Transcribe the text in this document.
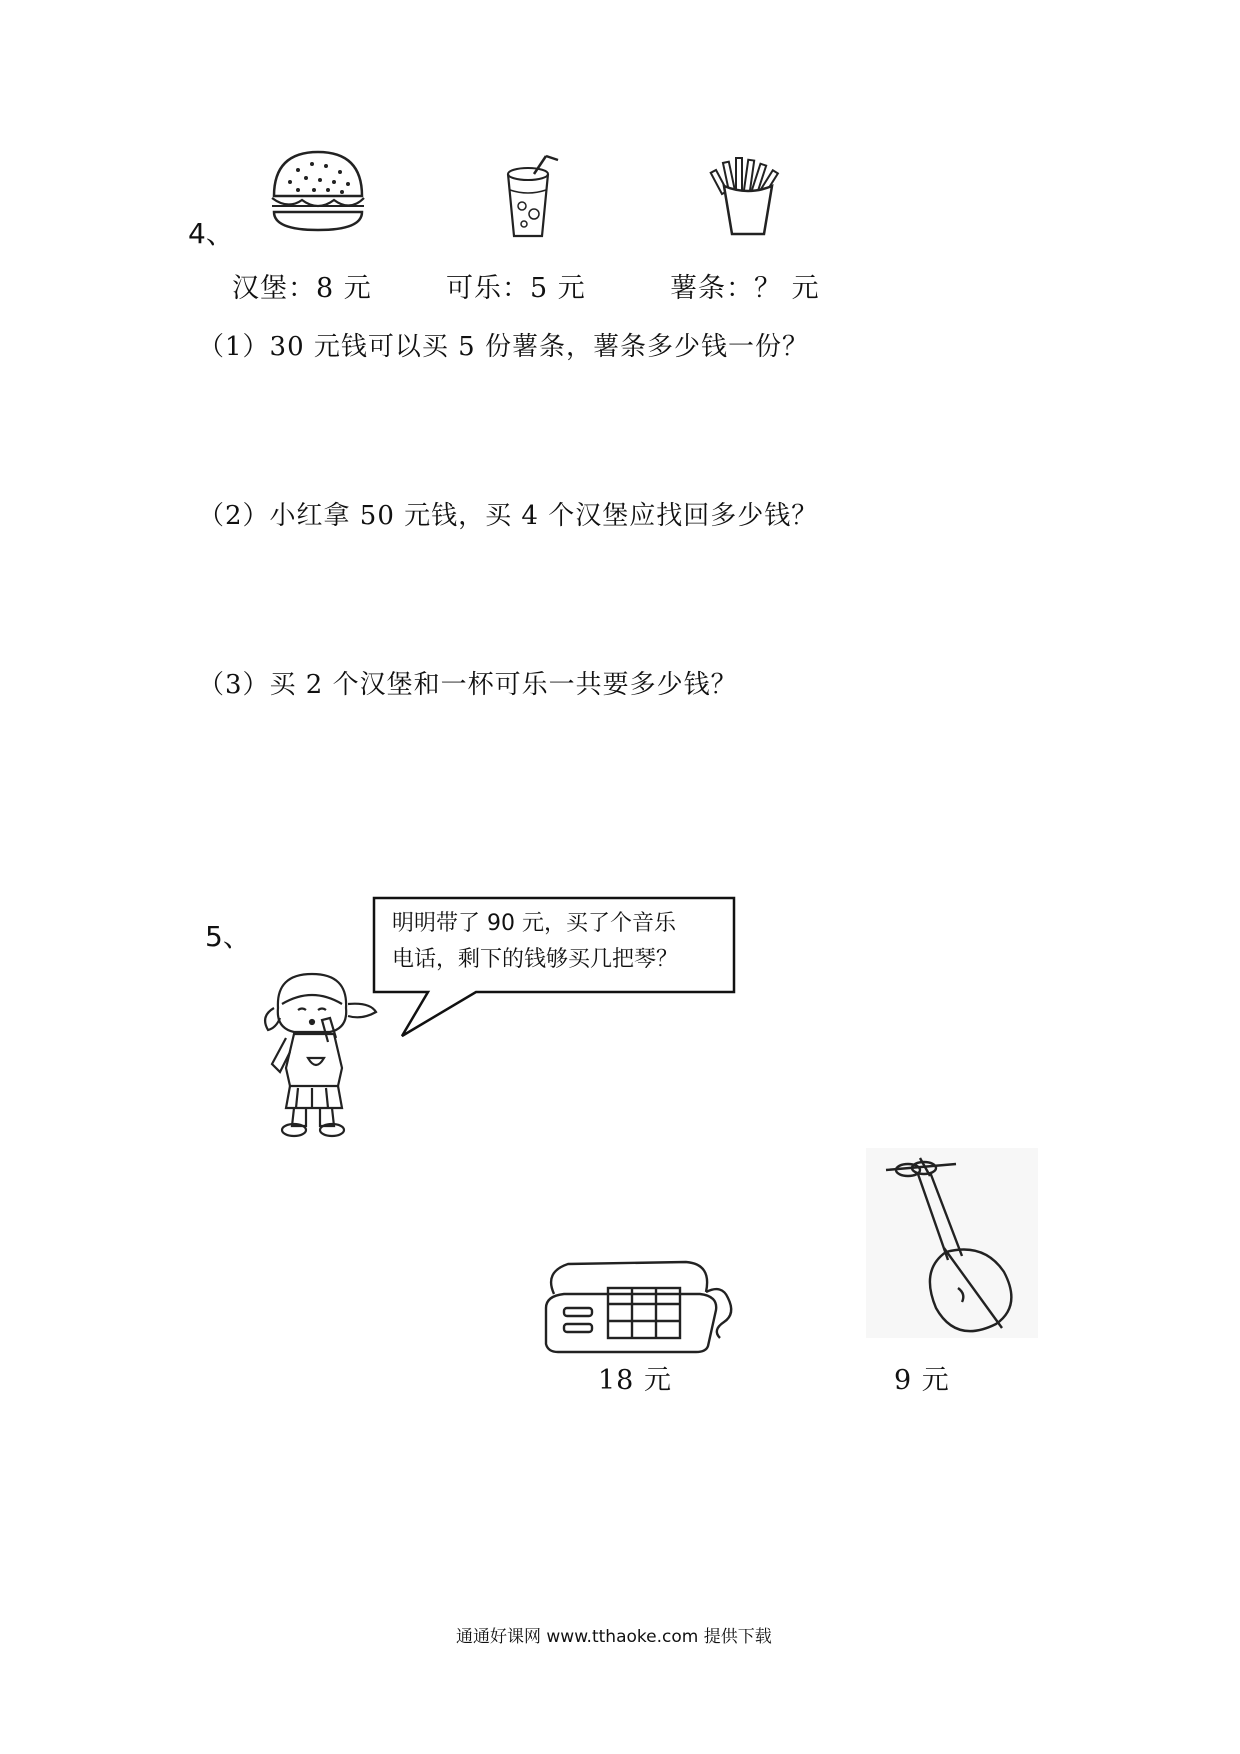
4、
汉堡：8 元	可乐：5 元	薯条：？ 元
（1）30 元钱可以买 5 份薯条，薯条多少钱一份？
（2）小红拿 50 元钱，买 4 个汉堡应找回多少钱？
（3）买 2 个汉堡和一杯可乐一共要多少钱？
5、	明明带了 90 元，买了个音乐
电话，剩下的钱够买几把琴？
18 元	9 元
通通好课网 www.tthaoke.com 提供下载
